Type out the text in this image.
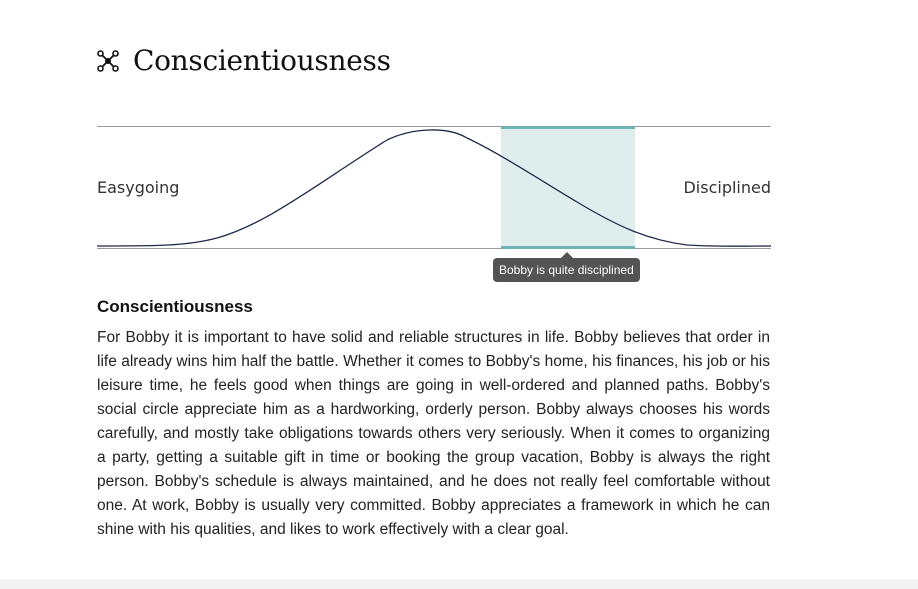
Conscientiousness
Easygoing	Disciplined
Bobby is quite disciplined
Conscientiousness

For Bobby it is important to have solid and reliable structures in life. Bobby believes that order in life already wins him half the battle. Whether it comes to Bobby's home, his finances, his job or his leisure time, he feels good when things are going in well-ordered and planned paths. Bobby's social circle appreciate him as a hardworking, orderly person. Bobby always chooses his words carefully, and mostly take obligations towards others very seriously. When it comes to organizing a party, getting a suitable gift in time or booking the group vacation, Bobby is always the right person. Bobby's schedule is always maintained, and he does not really feel comfortable without one. At work, Bobby is usually very committed. Bobby appreciates a framework in which he can shine with his qualities, and likes to work effectively with a clear goal.
